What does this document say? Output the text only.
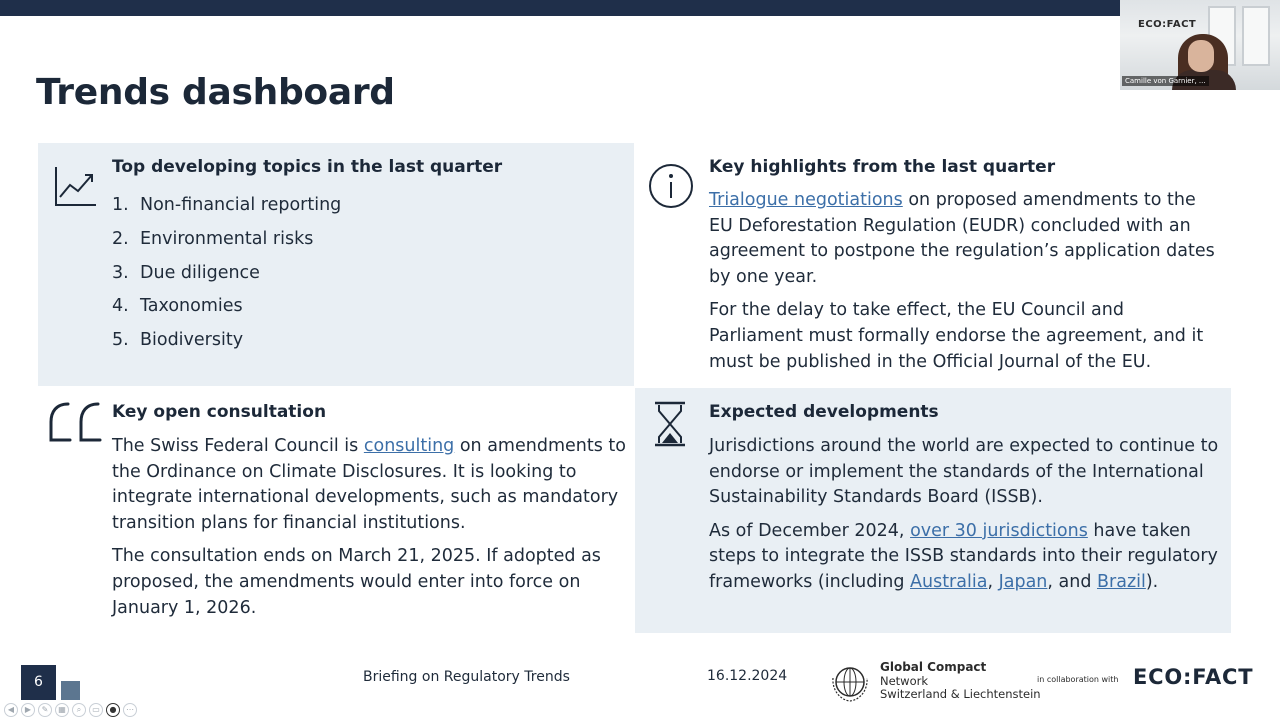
ECO:FACT
Camille von Garnier, ...
Trends dashboard
Top developing topics in the last quarter
1. Non-financial reporting
2. Environmental risks
3. Due diligence
4. Taxonomies
5. Biodiversity
Key highlights from the last quarter

Trialogue negotiations on proposed amendments to the EU Deforestation Regulation (EUDR) concluded with an agreement to postpone the regulation’s application dates by one year.

For the delay to take effect, the EU Council and Parliament must formally endorse the agreement, and it must be published in the Official Journal of the EU.

Key open consultation

The Swiss Federal Council is consulting on amendments to the Ordinance on Climate Disclosures. It is looking to integrate international developments, such as mandatory transition plans for financial institutions.

The consultation ends on March 21, 2025. If adopted as proposed, the amendments would enter into force on January 1, 2026.

Expected developments

Jurisdictions around the world are expected to continue to endorse or implement the standards of the International Sustainability Standards Board (ISSB).

As of December 2024, over 30 jurisdictions have taken steps to integrate the ISSB standards into their regulatory frameworks (including Australia, Japan, and Brazil).

6	Briefing on Regulatory Trends	16.12.2024
Global Compact
Network
Switzerland & Liechtenstein
in collaboration with ECO:FACT
◀	▶	✎	▦	⌕	▭	●	⋯
